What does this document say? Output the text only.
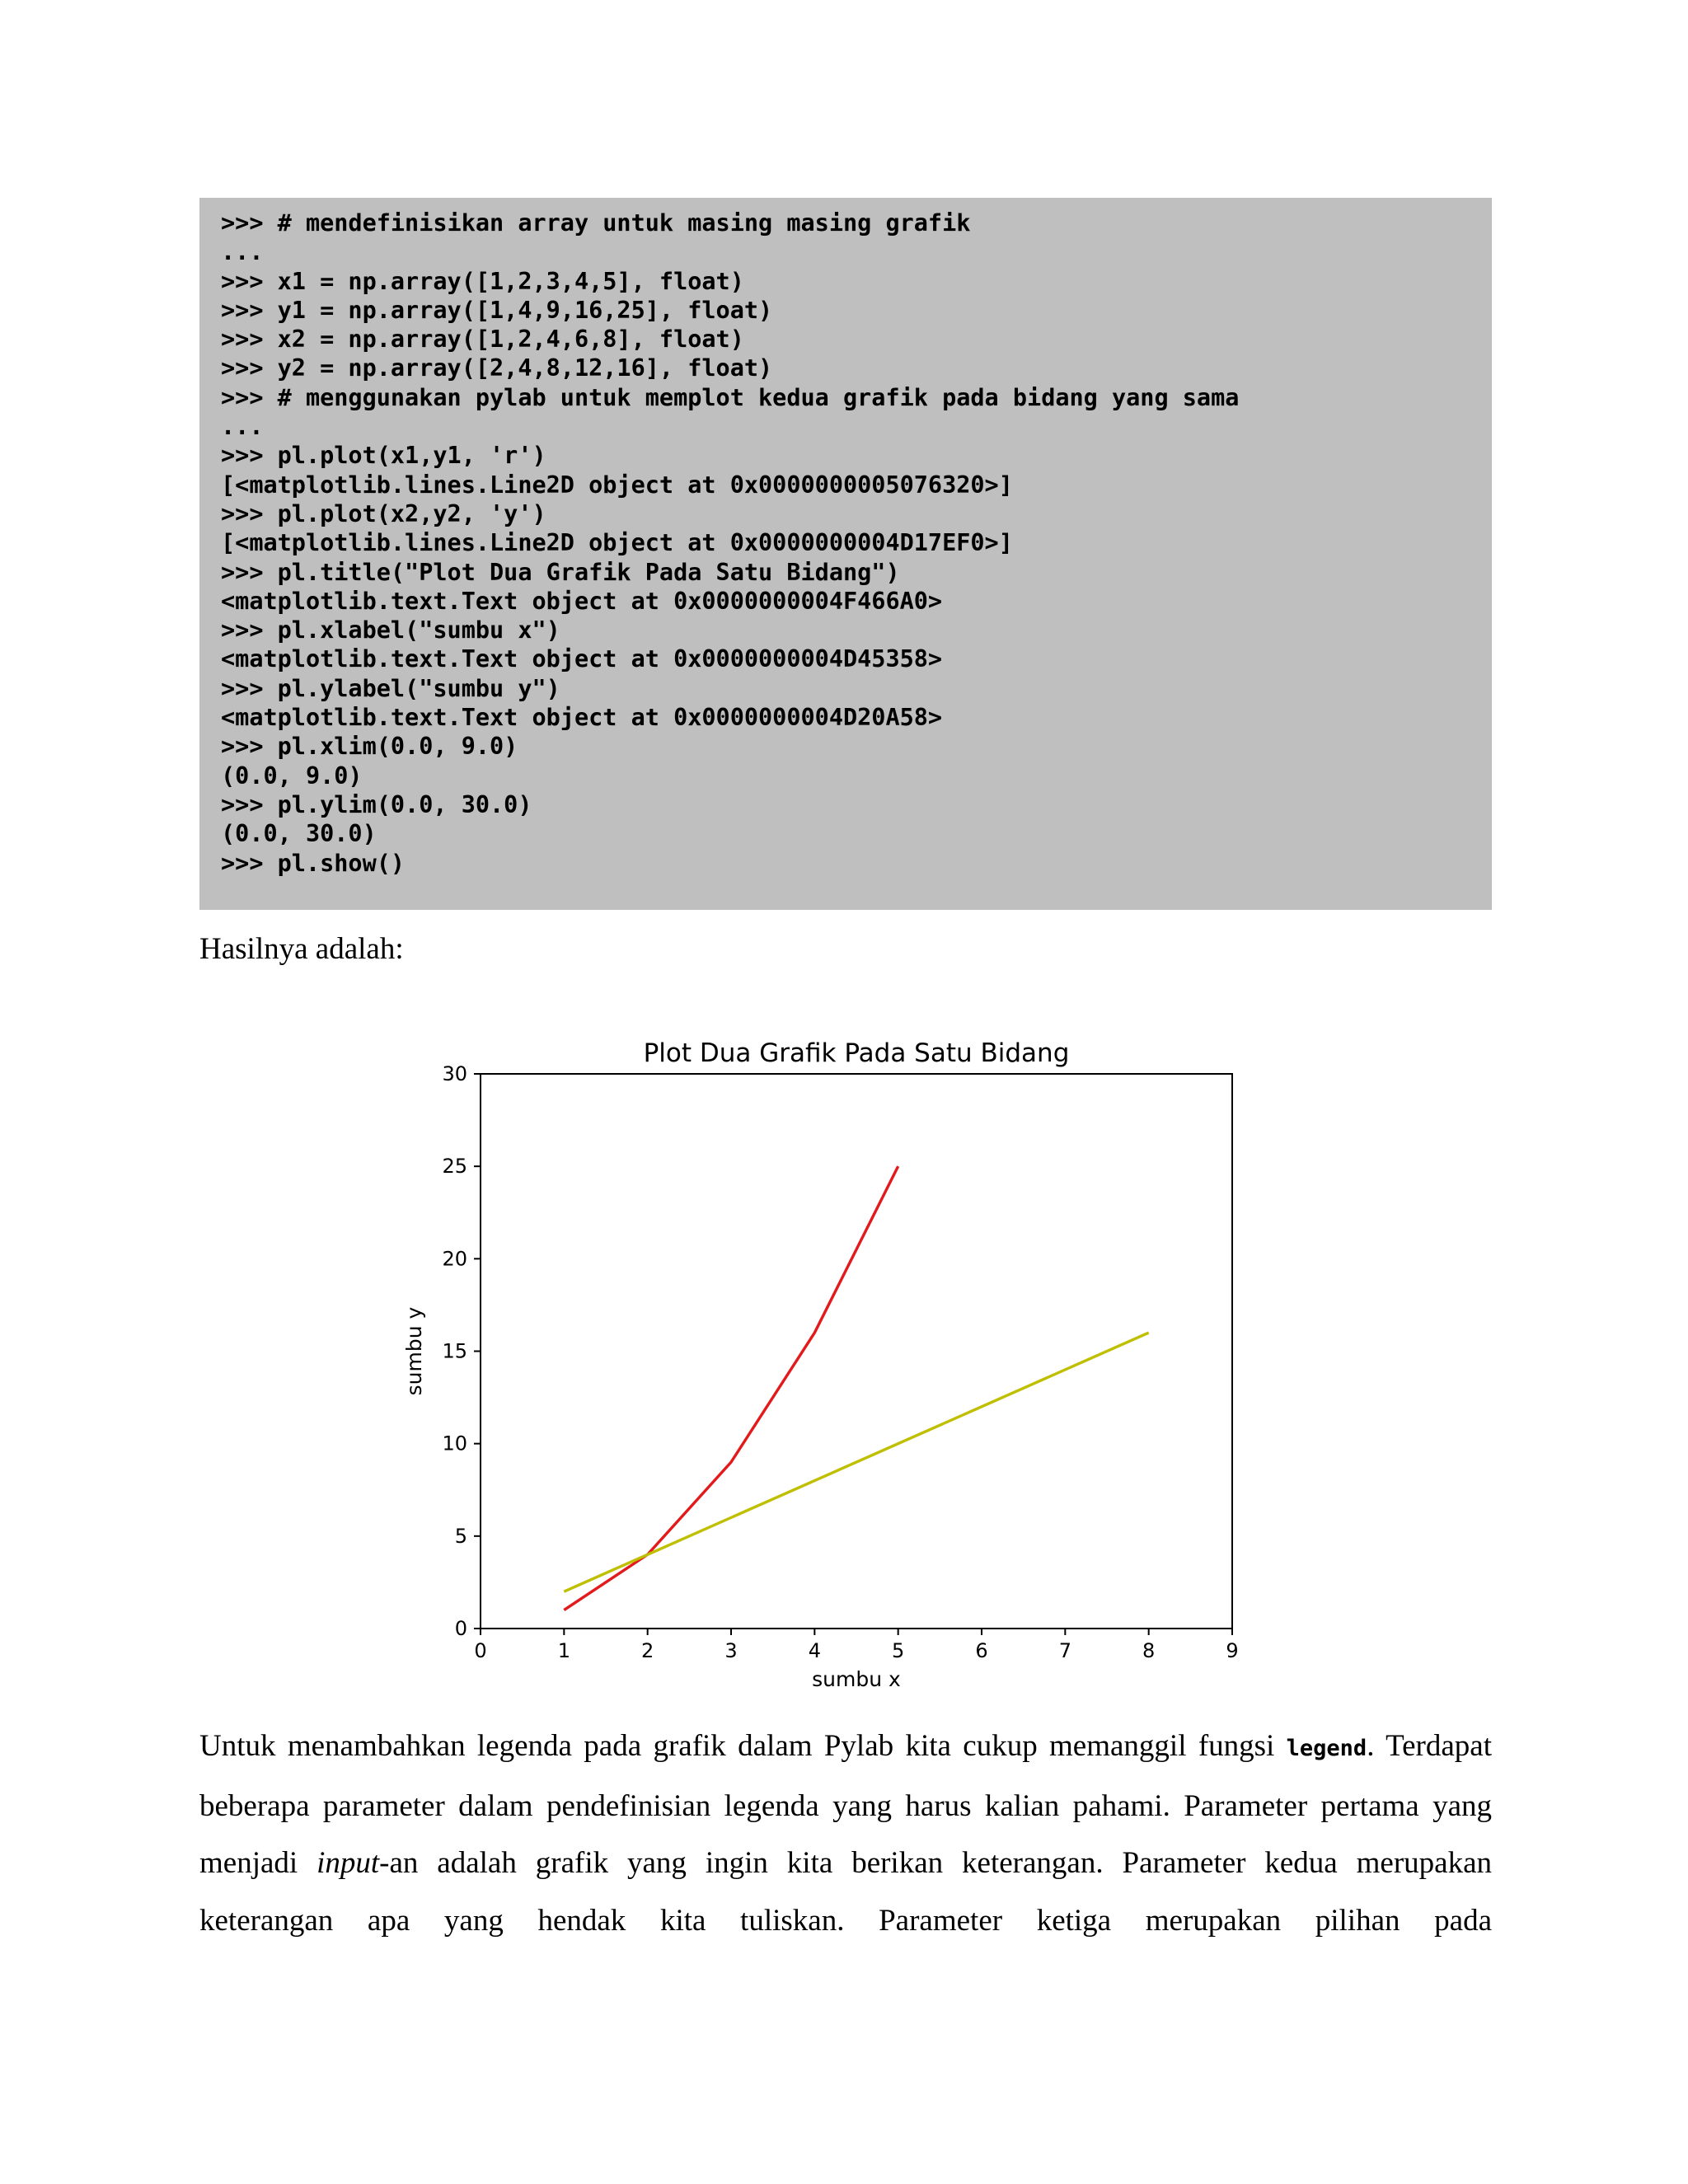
>>> # mendefinisikan array untuk masing masing grafik
...
>>> x1 = np.array([1,2,3,4,5], float)
>>> y1 = np.array([1,4,9,16,25], float)
>>> x2 = np.array([1,2,4,6,8], float)
>>> y2 = np.array([2,4,8,12,16], float)
>>> # menggunakan pylab untuk memplot kedua grafik pada bidang yang sama
...
>>> pl.plot(x1,y1, 'r')
[<matplotlib.lines.Line2D object at 0x0000000005076320>]
>>> pl.plot(x2,y2, 'y')
[<matplotlib.lines.Line2D object at 0x0000000004D17EF0>]
>>> pl.title("Plot Dua Grafik Pada Satu Bidang")
<matplotlib.text.Text object at 0x0000000004F466A0>
>>> pl.xlabel("sumbu x")
<matplotlib.text.Text object at 0x0000000004D45358>
>>> pl.ylabel("sumbu y")
<matplotlib.text.Text object at 0x0000000004D20A58>
>>> pl.xlim(0.0, 9.0)
(0.0, 9.0)
>>> pl.ylim(0.0, 30.0)
(0.0, 30.0)
>>> pl.show()
Hasilnya adalah:
Plot Dua Grafik Pada Satu Bidang
sumbu x
sumbu y
0	1	2	3	4	5	6	7	8	9
0
5
10
15
20
25
30

Untuk menambahkan legenda pada grafik dalam Pylab kita cukup memanggil fungsi legend. Terdapat beberapa parameter dalam pendefinisian legenda yang harus kalian pahami. Parameter pertama yang menjadi input-an adalah grafik yang ingin kita berikan keterangan. Parameter kedua merupakan keterangan apa yang hendak kita tuliskan. Parameter ketiga merupakan pilihan pada
